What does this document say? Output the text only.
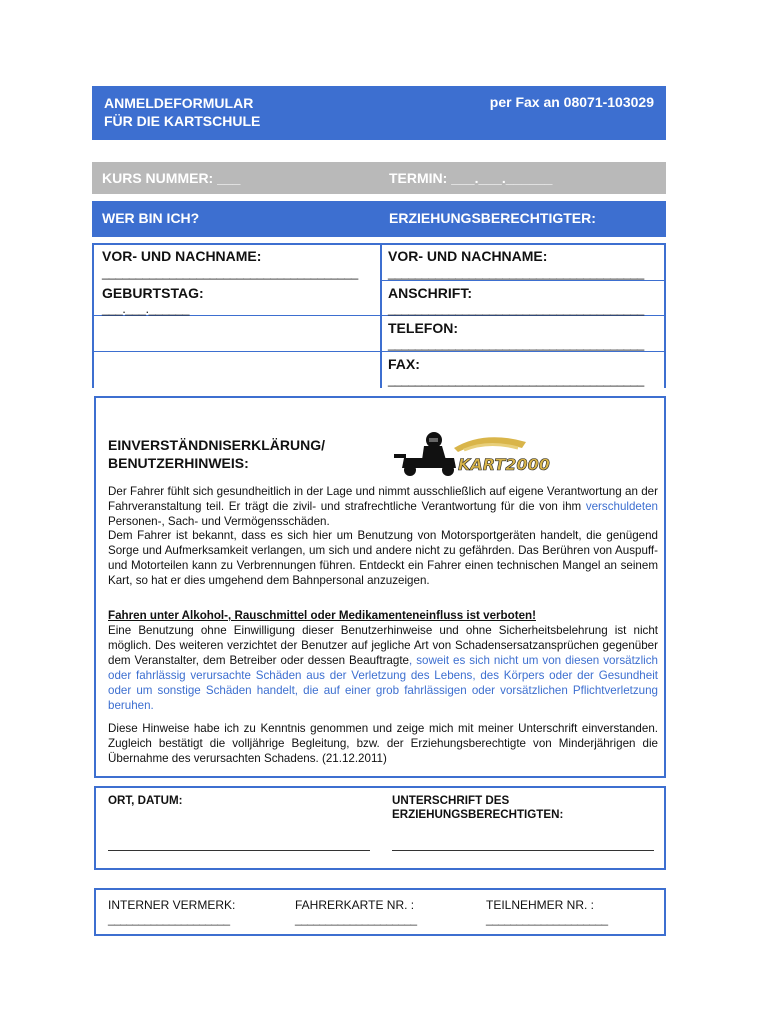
ANMELDEFORMULAR
FÜR DIE KARTSCHULE
per Fax an 08071-103029
KURS NUMMER: ___	TERMIN: ___.___.______
WER BIN ICH?	ERZIEHUNGSBERECHTIGTER:
VOR- UND NACHNAME:
______________________________________
GEBURTSTAG:
___.___.______
VOR- UND NACHNAME:
______________________________________
ANSCHRIFT:
______________________________________
TELEFON:
______________________________________
FAX:
______________________________________
EINVERSTÄNDNISERKLÄRUNG/
BENUTZERHINWEIS:	KART2000
Der Fahrer fühlt sich gesundheitlich in der Lage und nimmt ausschließlich auf eigene Verantwortung an der Fahrveranstaltung teil. Er trägt die zivil- und strafrechtliche Verantwortung für die von ihm verschuldeten Personen-, Sach- und Vermögensschäden.
Dem Fahrer ist bekannt, dass es sich hier um Benutzung von Motorsportgeräten handelt, die genügend Sorge und Aufmerksamkeit verlangen, um sich und andere nicht zu gefährden. Das Berühren von Auspuff- und Motorteilen kann zu Verbrennungen führen. Entdeckt ein Fahrer einen technischen Mangel an seinem Kart, so hat er dies umgehend dem Bahnpersonal anzuzeigen.
Fahren unter Alkohol-, Rauschmittel oder Medikamenteneinfluss ist verboten!
Eine Benutzung ohne Einwilligung dieser Benutzerhinweise und ohne Sicherheitsbelehrung ist nicht möglich. Des weiteren verzichtet der Benutzer auf jegliche Art von Schadensersatzansprüchen gegenüber dem Veranstalter, dem Betreiber oder dessen Beauftragte, soweit es sich nicht um von diesen vorsätzlich oder fahrlässig verursachte Schäden aus der Verletzung des Lebens, des Körpers oder der Gesundheit oder um sonstige Schäden handelt, die auf einer grob fahrlässigen oder vorsätzlichen Pflichtverletzung beruhen.
Diese Hinweise habe ich zu Kenntnis genommen und zeige mich mit meiner Unterschrift einverstanden. Zugleich bestätigt die volljährige Begleitung, bzw. der Erziehungsberechtigte von Minderjährigen die Übernahme des verursachten Schadens. (21.12.2011)
ORT, DATUM:	UNTERSCHRIFT DES
ERZIEHUNGSBERECHTIGTEN:
INTERNER VERMERK:
____________________
FAHRERKARTE NR. :
____________________
TEILNEHMER NR. :
____________________
